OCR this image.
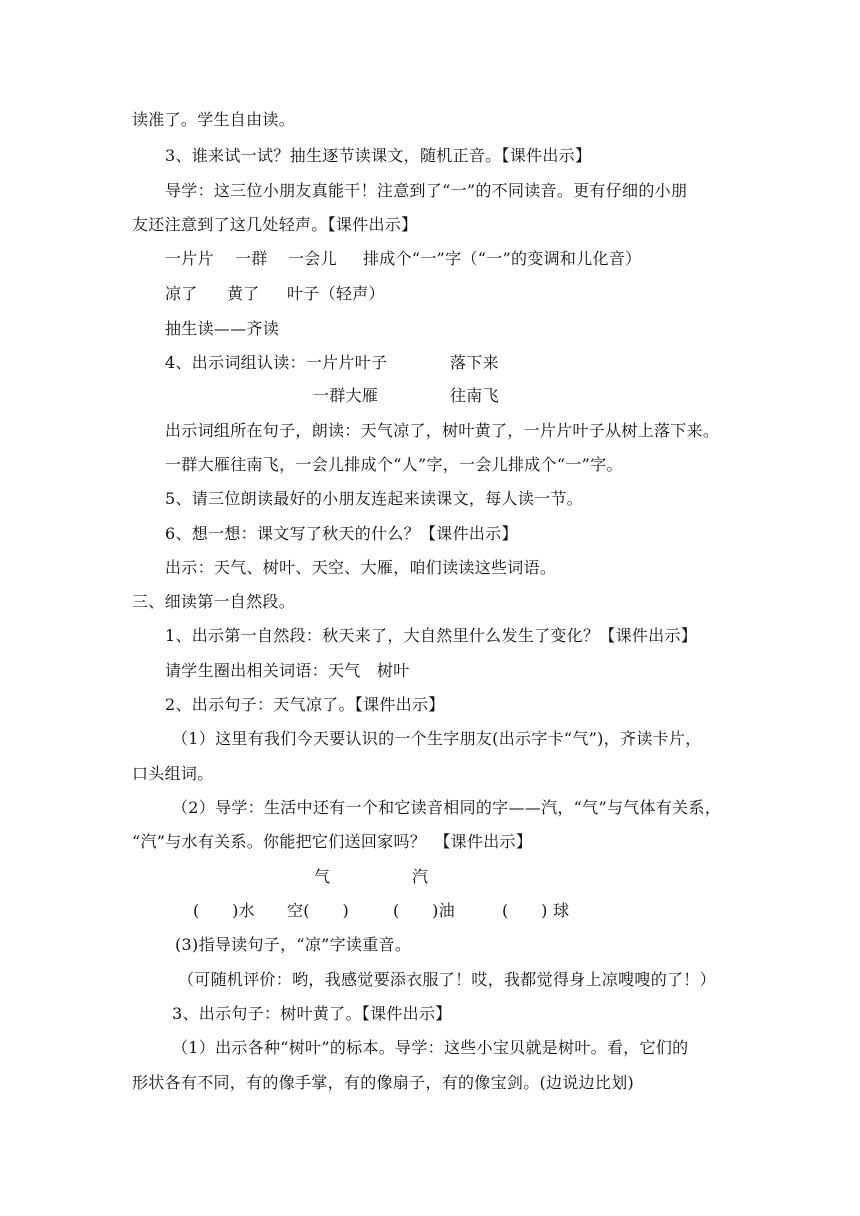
读准了。学生自由读。
3、谁来试一试？抽生逐节读课文，随机正音。【课件出示】
导学：这三位小朋友真能干！注意到了“一”的不同读音。更有仔细的小朋
友还注意到了这几处轻声。【课件出示】
一片片 一群 一会儿 排成个“一”字（“一”的变调和儿化音）
凉了 黄了 叶子（轻声）
抽生读——齐读
4、出示词组认读：一片片叶子	落下来
一群大雁	往南飞
出示词组所在句子，朗读：天气凉了，树叶黄了，一片片叶子从树上落下来。
一群大雁往南飞，一会儿排成个“人”字，一会儿排成个“一”字。
5、请三位朗读最好的小朋友连起来读课文，每人读一节。
6、想一想：课文写了秋天的什么？【课件出示】
出示：天气、树叶、天空、大雁，咱们读读这些词语。
三、细读第一自然段。
1、出示第一自然段：秋天来了，大自然里什么发生了变化？【课件出示】
请学生圈出相关词语：天气　树叶
2、出示句子：天气凉了。【课件出示】
（1）这里有我们今天要认识的一个生字朋友(出示字卡“气”)，齐读卡片，
口头组词。
（2）导学：生活中还有一个和它读音相同的字——汽，“气”与气体有关系，
“汽”与水有关系。你能把它们送回家吗？　【课件出示】
气	汽
(　　)水 空(　　)	(　　)油	(　　) 球
(3)指导读句子，“凉”字读重音。
（可随机评价：哟，我感觉要添衣服了！哎，我都觉得身上凉嗖嗖的了！）
3、出示句子：树叶黄了。【课件出示】
（1）出示各种“树叶”的标本。导学：这些小宝贝就是树叶。看，它们的
形状各有不同，有的像手掌，有的像扇子，有的像宝剑。(边说边比划)
